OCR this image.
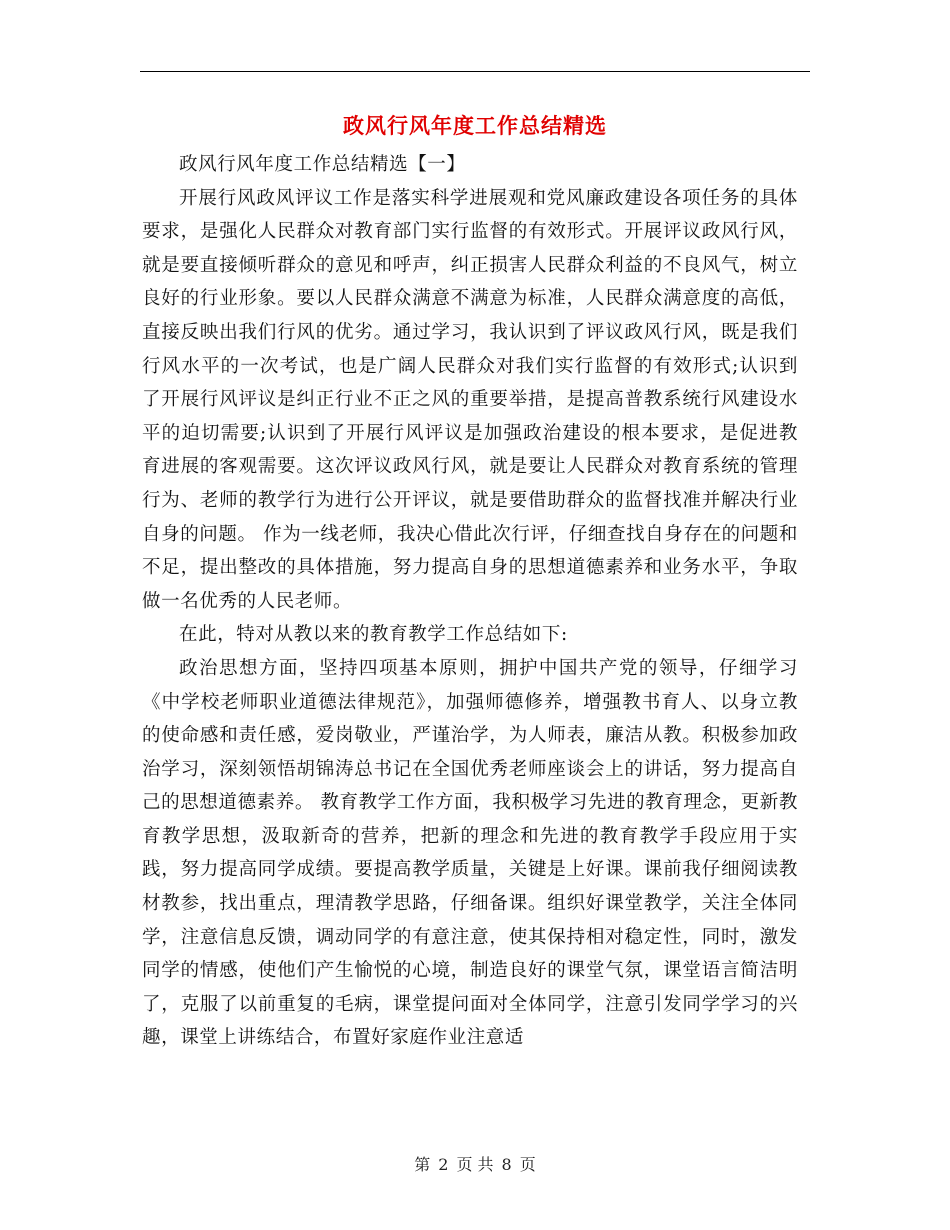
政风行风年度工作总结精选

政风行风年度工作总结精选【一】

开展行风政风评议工作是落实科学进展观和党风廉政建设各项任务的具体要求，是强化人民群众对教育部门实行监督的有效形式。开展评议政风行风，就是要直接倾听群众的意见和呼声，纠正损害人民群众利益的不良风气，树立良好的行业形象。要以人民群众满意不满意为标准，人民群众满意度的高低，直接反映出我们行风的优劣。通过学习，我认识到了评议政风行风，既是我们行风水平的一次考试，也是广阔人民群众对我们实行监督的有效形式;认识到了开展行风评议是纠正行业不正之风的重要举措，是提高普教系统行风建设水平的迫切需要;认识到了开展行风评议是加强政治建设的根本要求，是促进教育进展的客观需要。这次评议政风行风，就是要让人民群众对教育系统的管理行为、老师的教学行为进行公开评议，就是要借助群众的监督找准并解决行业自身的问题。 作为一线老师，我决心借此次行评，仔细查找自身存在的问题和不足，提出整改的具体措施，努力提高自身的思想道德素养和业务水平，争取做一名优秀的人民老师。

在此，特对从教以来的教育教学工作总结如下:

政治思想方面，坚持四项基本原则，拥护中国共产党的领导，仔细学习《中学校老师职业道德法律规范》，加强师德修养，增强教书育人、以身立教的使命感和责任感，爱岗敬业，严谨治学，为人师表，廉洁从教。积极参加政治学习，深刻领悟胡锦涛总书记在全国优秀老师座谈会上的讲话，努力提高自己的思想道德素养。 教育教学工作方面，我积极学习先进的教育理念，更新教育教学思想，汲取新奇的营养，把新的理念和先进的教育教学手段应用于实践，努力提高同学成绩。要提高教学质量，关键是上好课。课前我仔细阅读教材教参，找出重点，理清教学思路，仔细备课。组织好课堂教学，关注全体同学，注意信息反馈，调动同学的有意注意，使其保持相对稳定性，同时，激发同学的情感，使他们产生愉悦的心境，制造良好的课堂气氛，课堂语言简洁明了，克服了以前重复的毛病，课堂提问面对全体同学，注意引发同学学习的兴趣，课堂上讲练结合，布置好家庭作业注意适

第 2 页 共 8 页
